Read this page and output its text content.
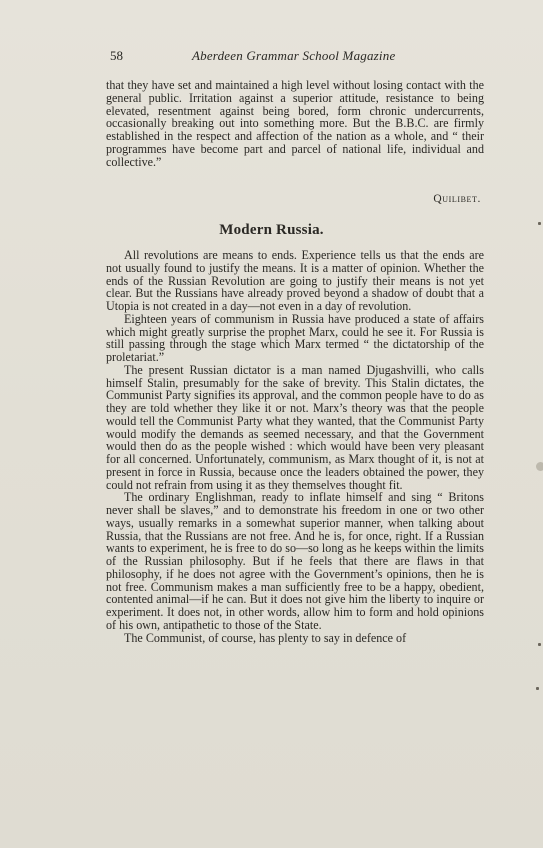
58	Aberdeen Grammar School Magazine

that they have set and maintained a high level without losing contact with the general public. Irritation against a superior attitude, resistance to being elevated, resentment against being bored, form chronic undercurrents, occasionally breaking out into something more. But the B.B.C. are firmly established in the respect and affection of the nation as a whole, and “ their programmes have become part and parcel of national life, individual and collective.”

Quilibet.
Modern Russia.

All revolutions are means to ends. Experience tells us that the ends are not usually found to justify the means. It is a matter of opinion. Whether the ends of the Russian Revolution are going to justify their means is not yet clear. But the Russians have already proved beyond a shadow of doubt that a Utopia is not created in a day—not even in a day of revolution.

Eighteen years of communism in Russia have produced a state of affairs which might greatly surprise the prophet Marx, could he see it. For Russia is still passing through the stage which Marx termed “ the dictatorship of the proletariat.”

The present Russian dictator is a man named Djugashvilli, who calls himself Stalin, presumably for the sake of brevity. This Stalin dictates, the Communist Party signifies its approval, and the common people have to do as they are told whether they like it or not. Marx’s theory was that the people would tell the Communist Party what they wanted, that the Communist Party would modify the demands as seemed necessary, and that the Government would then do as the people wished : which would have been very pleasant for all concerned. Unfortunately, communism, as Marx thought of it, is not at present in force in Russia, because once the leaders obtained the power, they could not refrain from using it as they themselves thought fit.

The ordinary Englishman, ready to inflate himself and sing “ Britons never shall be slaves,” and to demonstrate his freedom in one or two other ways, usually remarks in a somewhat superior manner, when talking about Russia, that the Russians are not free. And he is, for once, right. If a Russian wants to experiment, he is free to do so—so long as he keeps within the limits of the Russian philosophy. But if he feels that there are flaws in that philosophy, if he does not agree with the Government’s opinions, then he is not free. Communism makes a man sufficiently free to be a happy, obedient, contented animal—if he can. But it does not give him the liberty to inquire or experiment. It does not, in other words, allow him to form and hold opinions of his own, antipathetic to those of the State.

The Communist, of course, has plenty to say in defence of
